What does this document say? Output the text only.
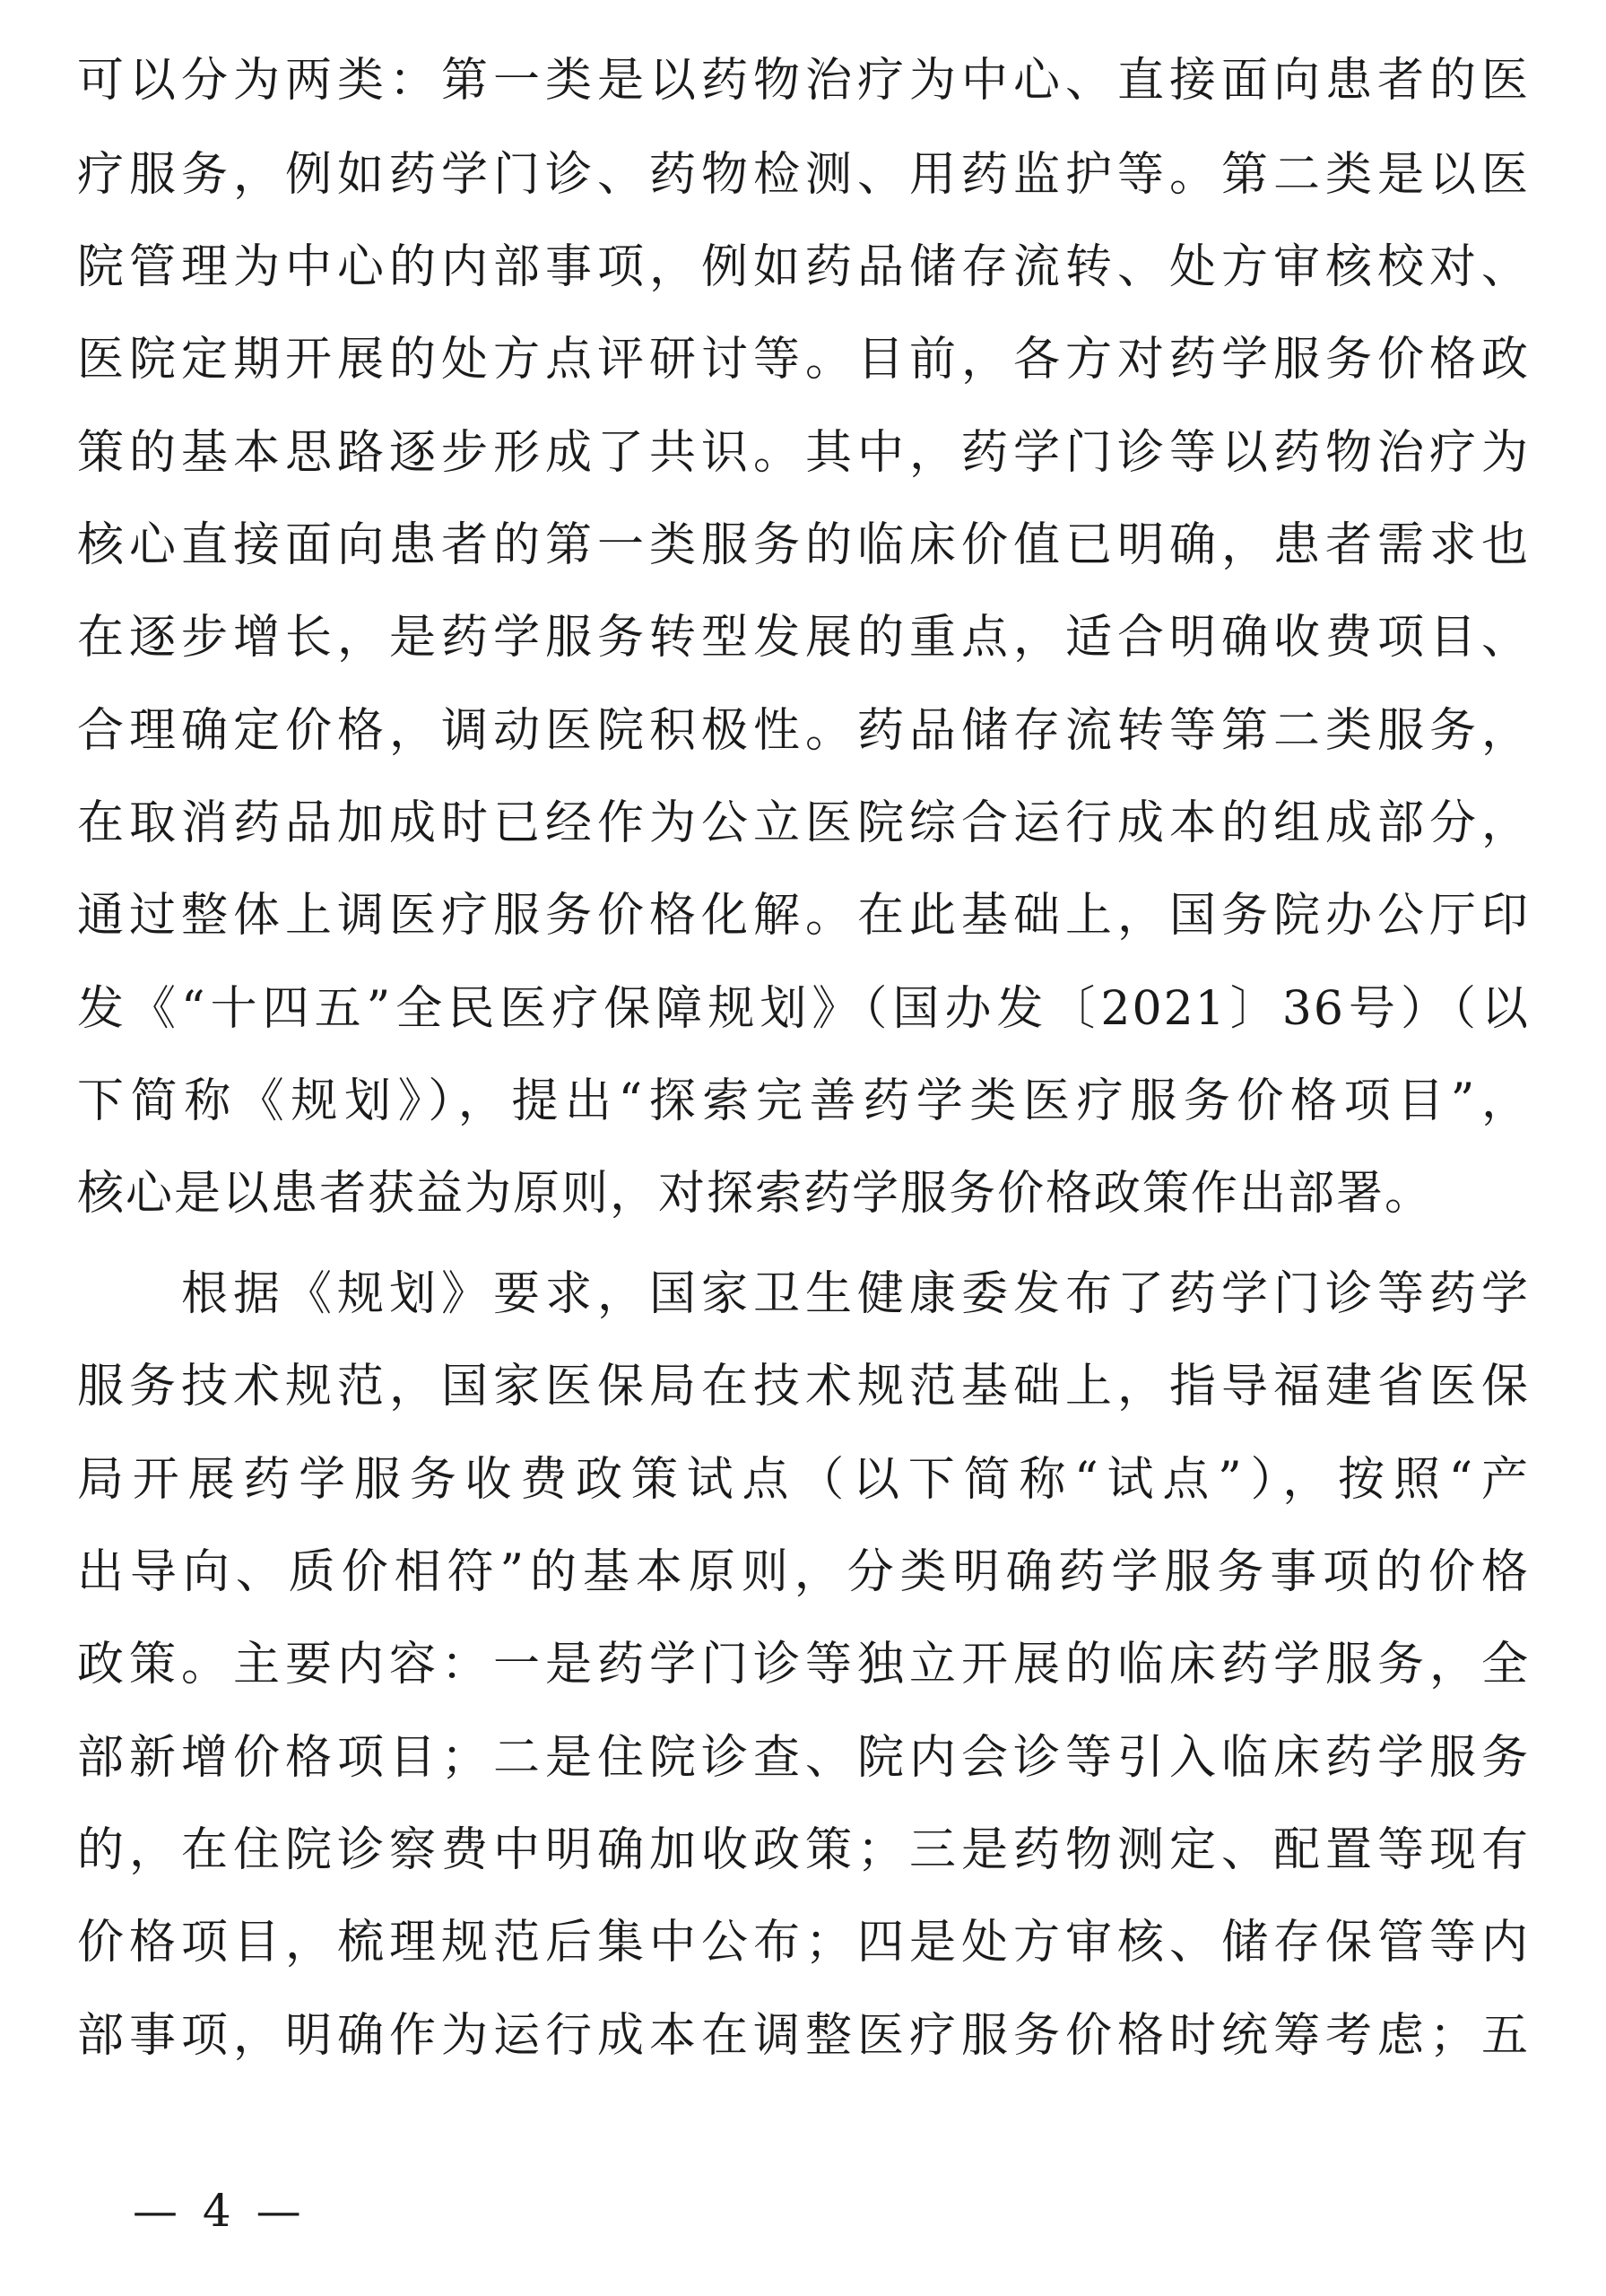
可以分为两类：第一类是以药物治疗为中心、直接面向患者的医
疗服务，例如药学门诊、药物检测、用药监护等。第二类是以医
院管理为中心的内部事项，例如药品储存流转、处方审核校对、
医院定期开展的处方点评研讨等。目前，各方对药学服务价格政
策的基本思路逐步形成了共识。其中，药学门诊等以药物治疗为
核心直接面向患者的第一类服务的临床价值已明确，患者需求也
在逐步增长，是药学服务转型发展的重点，适合明确收费项目、
合理确定价格，调动医院积极性。药品储存流转等第二类服务，
在取消药品加成时已经作为公立医院综合运行成本的组成部分，
通过整体上调医疗服务价格化解。在此基础上，国务院办公厅印
发《“十四五”全民医疗保障规划》（国办发〔2021〕36号）（以
下简称《规划》），提出“探索完善药学类医疗服务价格项目”，
核心是以患者获益为原则，对探索药学服务价格政策作出部署。
根据《规划》要求，国家卫生健康委发布了药学门诊等药学
服务技术规范，国家医保局在技术规范基础上，指导福建省医保
局开展药学服务收费政策试点（以下简称“试点”），按照“产
出导向、质价相符”的基本原则，分类明确药学服务事项的价格
政策。主要内容：一是药学门诊等独立开展的临床药学服务，全
部新增价格项目；二是住院诊查、院内会诊等引入临床药学服务
的，在住院诊察费中明确加收政策；三是药物测定、配置等现有
价格项目，梳理规范后集中公布；四是处方审核、储存保管等内
部事项，明确作为运行成本在调整医疗服务价格时统筹考虑；五
— 4 —
